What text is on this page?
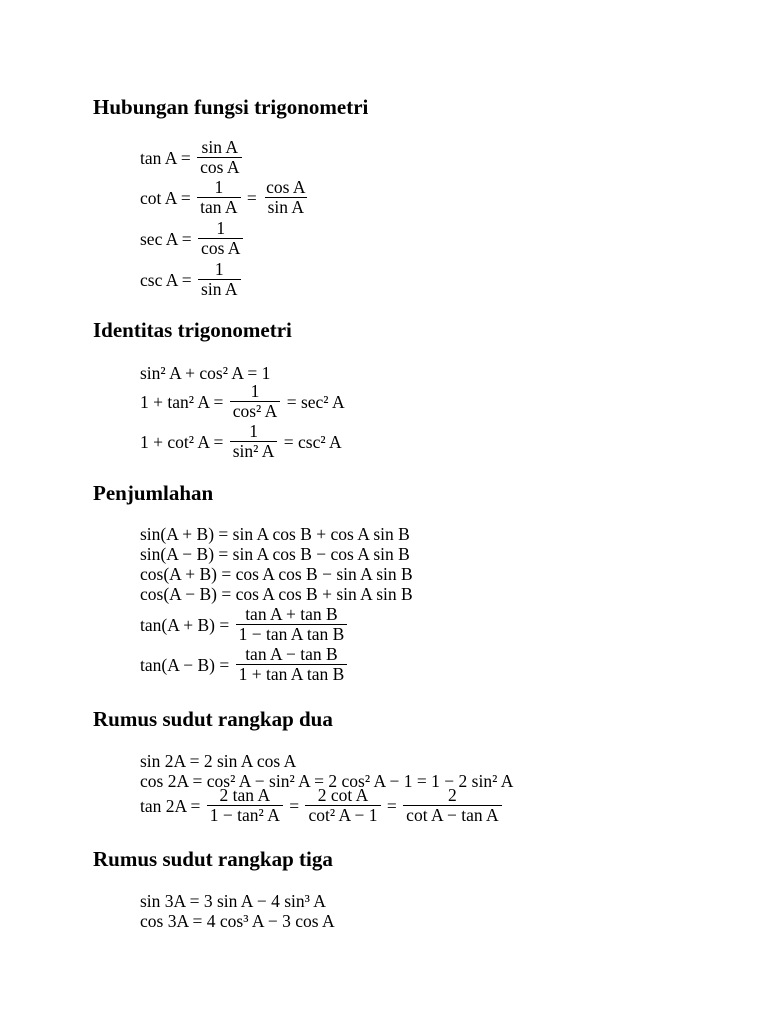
Hubungan fungsi trigonometri
$\tan A = \frac{\text{sin A}}{\text{cos A}}$
$\cot A = \frac{1}{\text{tan A}} = \frac{\text{cos A}}{\text{sin A}}$
$\sec A = \frac{1}{\text{cos A}}$
$\csc A = \frac{1}{\text{sin A}}$
Identitas trigonometri
sin² A + cos² A = 1
1 + tan² $A = \frac{1}{\text{cos² A}} = \sec^2$ A
1 + cot² $A = \frac{1}{\text{sin² A}} = \csc^2$ A
Penjumlahan
sin(A + B) = sin A cos B + cos A sin B
sin(A − B) = sin A cos B − cos A sin B
cos(A + B) = cos A cos B − sin A sin B
cos(A − B) = cos A cos B + sin A sin B
$\tan(A + B) = \frac{\text{tan A + tan B}}{\text{1 − tan A tan B}}$
$\tan(A - B) = \frac{\text{tan A − tan B}}{\text{1 + tan A tan B}}$
Rumus sudut rangkap dua
sin 2A = 2 sin A cos A
cos 2A = cos² A − sin² A = 2 cos² A − 1 = 1 − 2 sin² A
$\tan 2A = \frac{\text{2 tan A}}{\text{1 − tan² A}} = \frac{\text{2 cot A}}{\text{cot² A − 1}} = \frac{2}{\text{cot A − tan A}}$
Rumus sudut rangkap tiga
sin 3A = 3 sin A − 4 sin³ A
cos 3A = 4 cos³ A − 3 cos A
